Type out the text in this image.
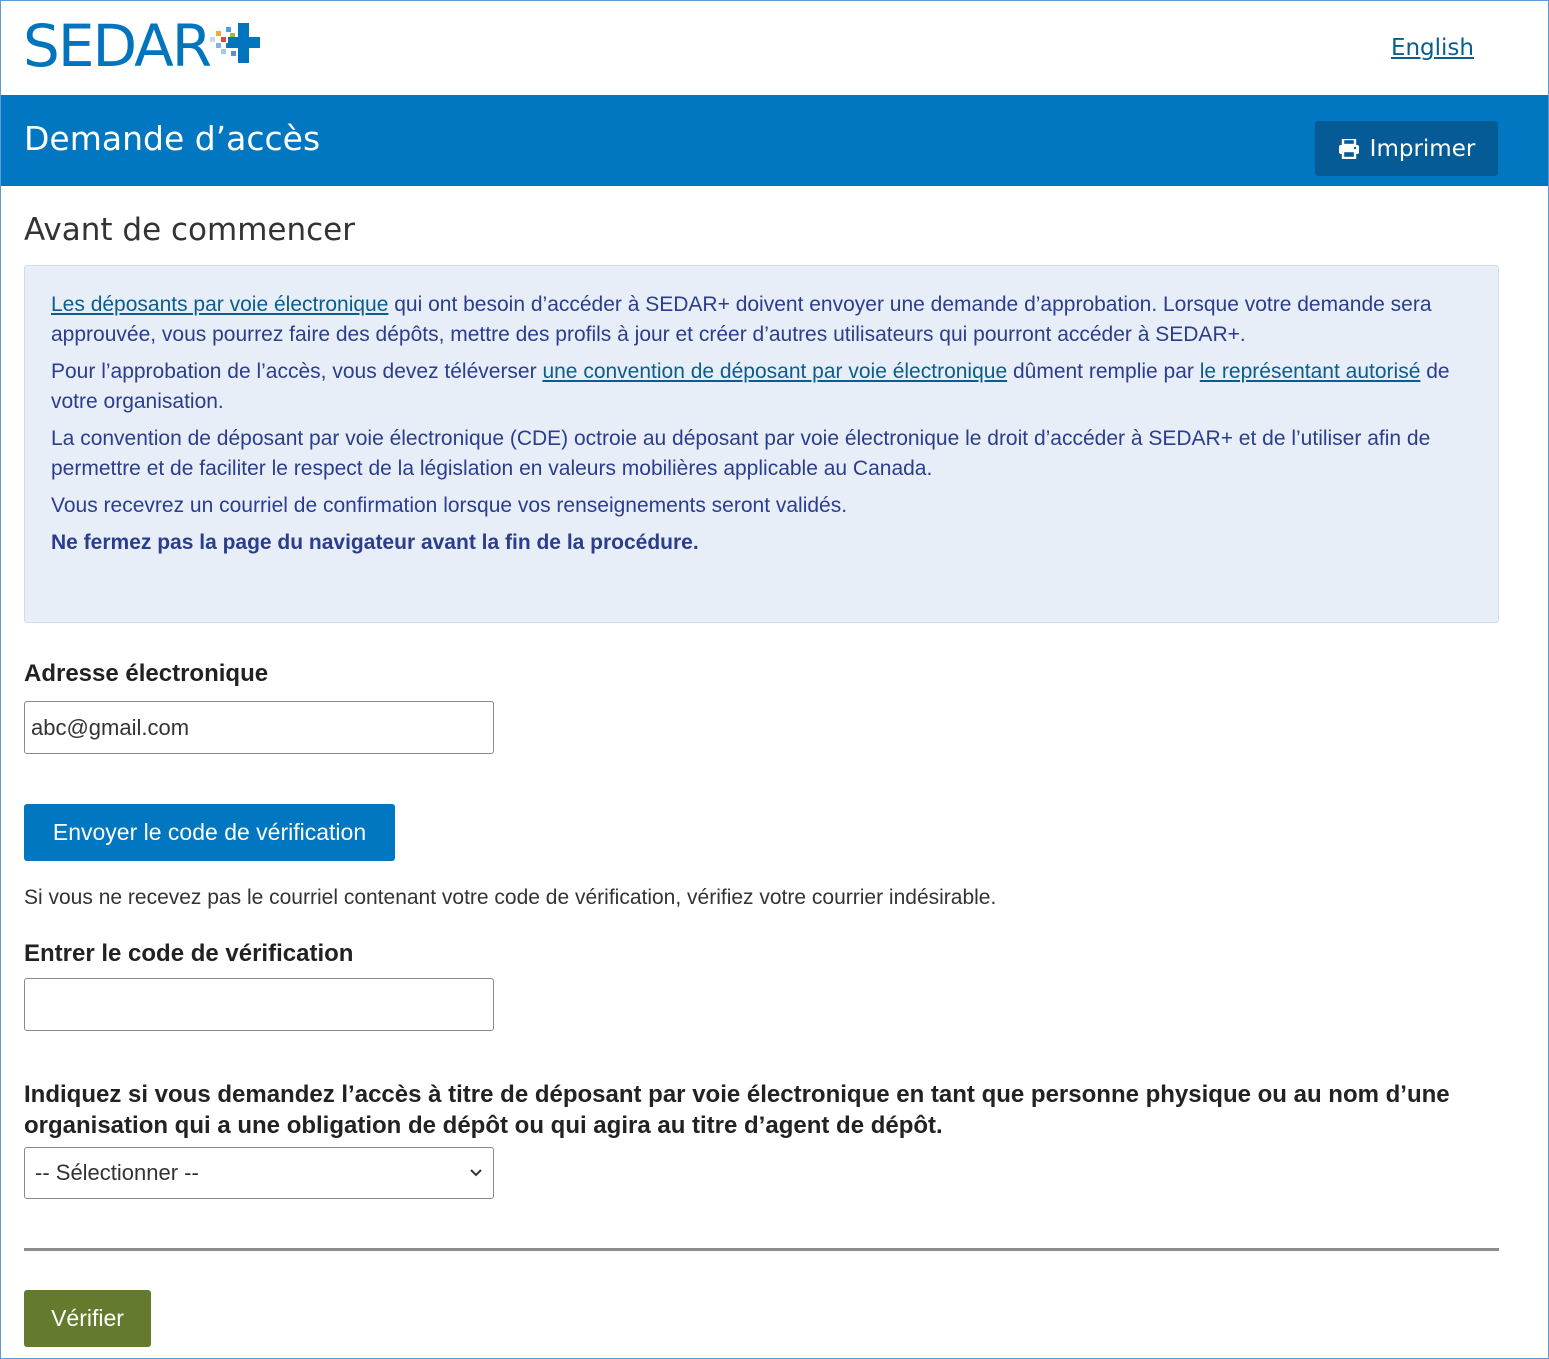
SEDAR	English
Demande d’accès	Imprimer
Avant de commencer

Les déposants par voie électronique qui ont besoin d’accéder à SEDAR+ doivent envoyer une demande d’approbation. Lorsque votre demande sera approuvée, vous pourrez faire des dépôts, mettre des profils à jour et créer d’autres utilisateurs qui pourront accéder à SEDAR+.

Pour l’approbation de l’accès, vous devez téléverser une convention de déposant par voie électronique dûment remplie par le représentant autorisé de votre organisation.

La convention de déposant par voie électronique (CDE) octroie au déposant par voie électronique le droit d’accéder à SEDAR+ et de l’utiliser afin de permettre et de faciliter le respect de la législation en valeurs mobilières applicable au Canada.

Vous recevrez un courriel de confirmation lorsque vos renseignements seront validés.

Ne fermez pas la page du navigateur avant la fin de la procédure.

Adresse électronique
abc@gmail.com
Envoyer le code de vérification
Si vous ne recevez pas le courriel contenant votre code de vérification, vérifiez votre courrier indésirable.
Entrer le code de vérification
Indiquez si vous demandez l’accès à titre de déposant par voie électronique en tant que personne physique ou au nom d’une organisation qui a une obligation de dépôt ou qui agira au titre d’agent de dépôt.
-- Sélectionner --
Vérifier
